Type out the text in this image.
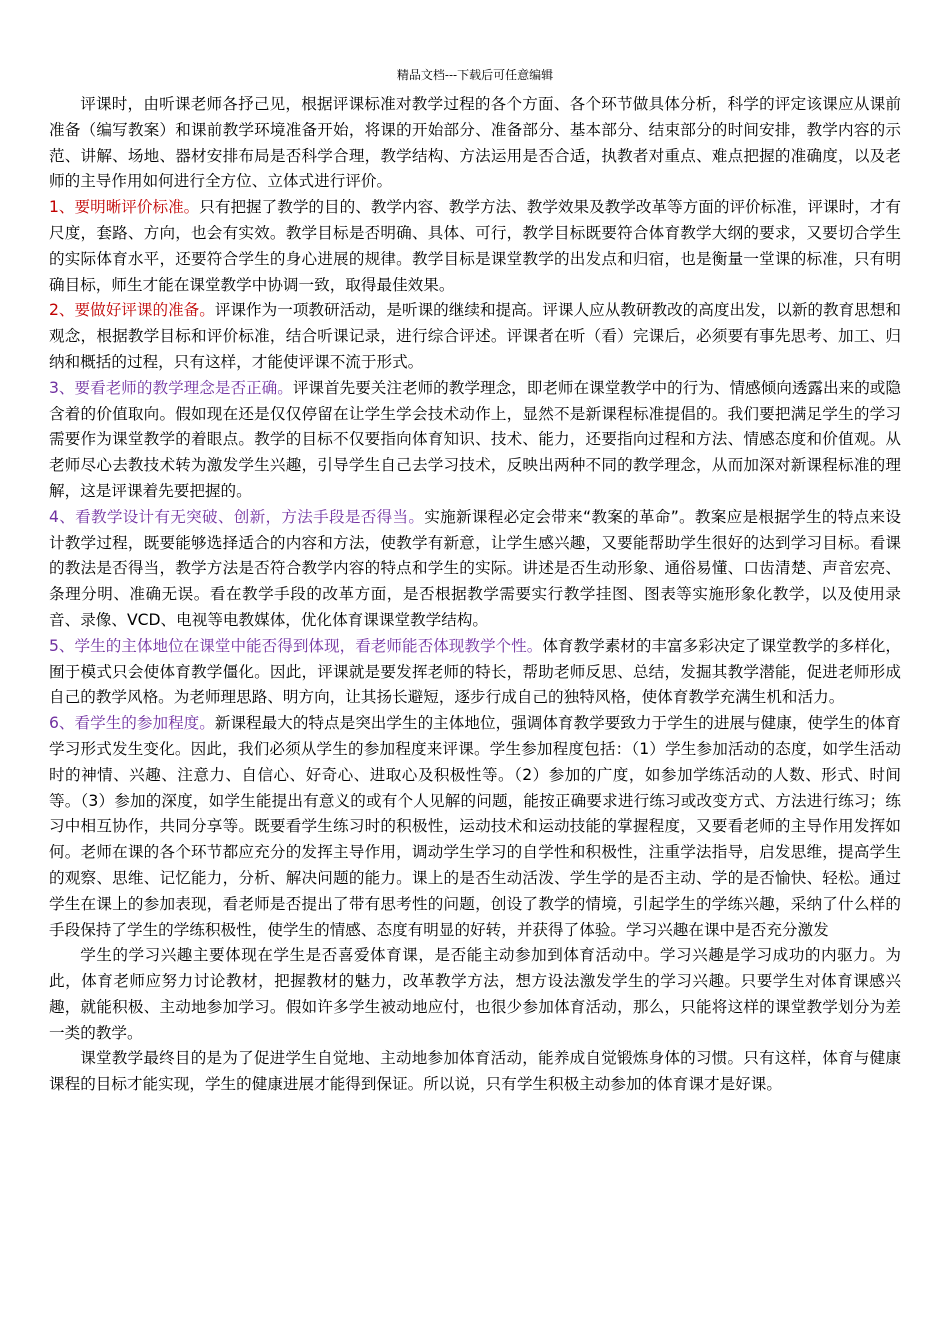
精品文档---下载后可任意编辑

评课时，由听课老师各抒己见，根据评课标准对教学过程的各个方面、各个环节做具体分析，科学的评定该课应从课前准备（编写教案）和课前教学环境准备开始，将课的开始部分、准备部分、基本部分、结束部分的时间安排，教学内容的示范、讲解、场地、器材安排布局是否科学合理，教学结构、方法运用是否合适，执教者对重点、难点把握的准确度，以及老师的主导作用如何进行全方位、立体式进行评价。

1、要明晰评价标准。只有把握了教学的目的、教学内容、教学方法、教学效果及教学改革等方面的评价标准，评课时，才有尺度，套路、方向，也会有实效。教学目标是否明确、具体、可行，教学目标既要符合体育教学大纲的要求，又要切合学生的实际体育水平，还要符合学生的身心进展的规律。教学目标是课堂教学的出发点和归宿，也是衡量一堂课的标准，只有明确目标，师生才能在课堂教学中协调一致，取得最佳效果。

2、要做好评课的准备。评课作为一项教研活动，是听课的继续和提高。评课人应从教研教改的高度出发，以新的教育思想和观念，根据教学目标和评价标准，结合听课记录，进行综合评述。评课者在听（看）完课后，必须要有事先思考、加工、归纳和概括的过程，只有这样，才能使评课不流于形式。

3、要看老师的教学理念是否正确。评课首先要关注老师的教学理念，即老师在课堂教学中的行为、情感倾向透露出来的或隐含着的价值取向。假如现在还是仅仅停留在让学生学会技术动作上，显然不是新课程标准提倡的。我们要把满足学生的学习需要作为课堂教学的着眼点。教学的目标不仅要指向体育知识、技术、能力，还要指向过程和方法、情感态度和价值观。从老师尽心去教技术转为激发学生兴趣，引导学生自己去学习技术，反映出两种不同的教学理念，从而加深对新课程标准的理解，这是评课着先要把握的。

4、看教学设计有无突破、创新，方法手段是否得当。实施新课程必定会带来“教案的革命”。教案应是根据学生的特点来设计教学过程，既要能够选择适合的内容和方法，使教学有新意，让学生感兴趣，又要能帮助学生很好的达到学习目标。看课的教法是否得当，教学方法是否符合教学内容的特点和学生的实际。讲述是否生动形象、通俗易懂、口齿清楚、声音宏亮、条理分明、准确无误。看在教学手段的改革方面，是否根据教学需要实行教学挂图、图表等实施形象化教学，以及使用录音、录像、VCD、电视等电教媒体，优化体育课课堂教学结构。

5、学生的主体地位在课堂中能否得到体现，看老师能否体现教学个性。体育教学素材的丰富多彩决定了课堂教学的多样化，囿于模式只会使体育教学僵化。因此，评课就是要发挥老师的特长，帮助老师反思、总结，发掘其教学潜能，促进老师形成自己的教学风格。为老师理思路、明方向，让其扬长避短，逐步行成自己的独特风格，使体育教学充满生机和活力。

6、看学生的参加程度。新课程最大的特点是突出学生的主体地位，强调体育教学要致力于学生的进展与健康，使学生的体育学习形式发生变化。因此，我们必须从学生的参加程度来评课。学生参加程度包括：（1）学生参加活动的态度，如学生活动时的神情、兴趣、注意力、自信心、好奇心、进取心及积极性等。（2）参加的广度，如参加学练活动的人数、形式、时间等。（3）参加的深度，如学生能提出有意义的或有个人见解的问题，能按正确要求进行练习或改变方式、方法进行练习；练习中相互协作，共同分享等。既要看学生练习时的积极性，运动技术和运动技能的掌握程度，又要看老师的主导作用发挥如何。老师在课的各个环节都应充分的发挥主导作用，调动学生学习的自学性和积极性，注重学法指导，启发思维，提高学生的观察、思维、记忆能力，分析、解决问题的能力。课上的是否生动活泼、学生学的是否主动、学的是否愉快、轻松。通过学生在课上的参加表现，看老师是否提出了带有思考性的问题，创设了教学的情境，引起学生的学练兴趣，采纳了什么样的手段保持了学生的学练积极性，使学生的情感、态度有明显的好转，并获得了体验。学习兴趣在课中是否充分激发

学生的学习兴趣主要体现在学生是否喜爱体育课，是否能主动参加到体育活动中。学习兴趣是学习成功的内驱力。为此，体育老师应努力讨论教材，把握教材的魅力，改革教学方法，想方设法激发学生的学习兴趣。只要学生对体育课感兴趣，就能积极、主动地参加学习。假如许多学生被动地应付，也很少参加体育活动，那么，只能将这样的课堂教学划分为差一类的教学。

课堂教学最终目的是为了促进学生自觉地、主动地参加体育活动，能养成自觉锻炼身体的习惯。只有这样，体育与健康课程的目标才能实现，学生的健康进展才能得到保证。所以说，只有学生积极主动参加的体育课才是好课。
